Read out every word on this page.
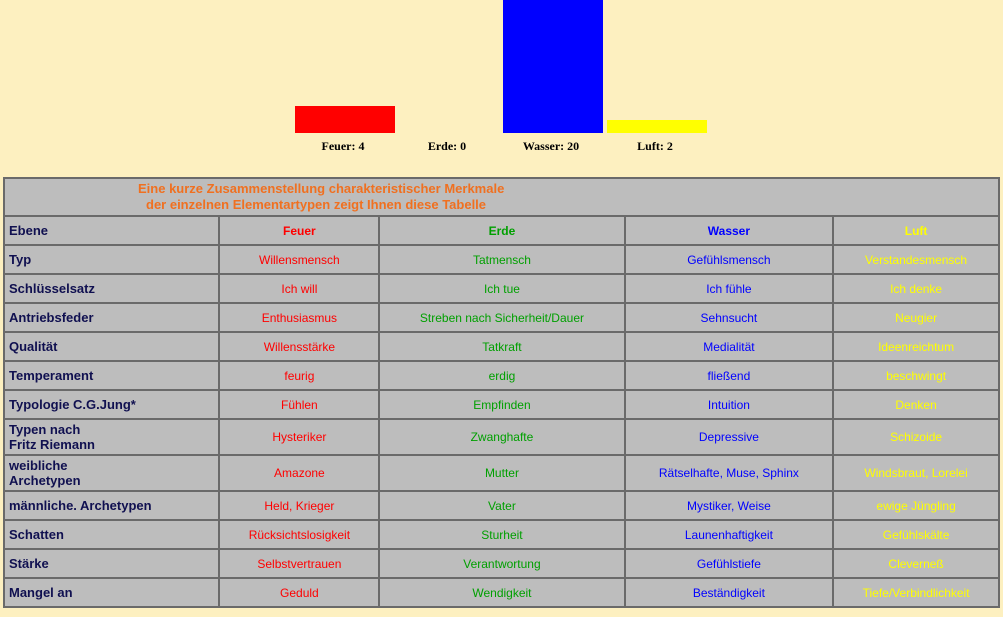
Feuer: 4	Erde: 0	Wasser: 20	Luft: 2
Eine kurze Zusammenstellung charakteristischer Merkmale
der einzelnen Elementartypen zeigt Ihnen diese Tabelle				

Ebene	Feuer	Erde	Wasser	Luft
Typ	Willensmensch	Tatmensch	Gefühlsmensch	Verstandesmensch
Schlüsselsatz	Ich will	Ich tue	Ich fühle	Ich denke
Antriebsfeder	Enthusiasmus	Streben nach Sicherheit/Dauer	Sehnsucht	Neugier
Qualität	Willensstärke	Tatkraft	Medialität	Ideenreichtum
Temperament	feurig	erdig	fließend	beschwingt
Typologie C.G.Jung*	Fühlen	Empfinden	Intuition	Denken
Typen nach
Fritz Riemann	Hysteriker	Zwanghafte	Depressive	Schizoide
weibliche
Archetypen	Amazone	Mutter	Rätselhafte, Muse, Sphinx	Windsbraut, Lorelei
männliche. Archetypen	Held, Krieger	Vater	Mystiker, Weise	ewige Jüngling
Schatten	Rücksichtslosigkeit	Sturheit	Launenhaftigkeit	Gefühlskälte
Stärke	Selbstvertrauen	Verantwortung	Gefühlstiefe	Cleverneß
Mangel an	Geduld	Wendigkeit	Beständigkeit	Tiefe/Verbindlichkeit
